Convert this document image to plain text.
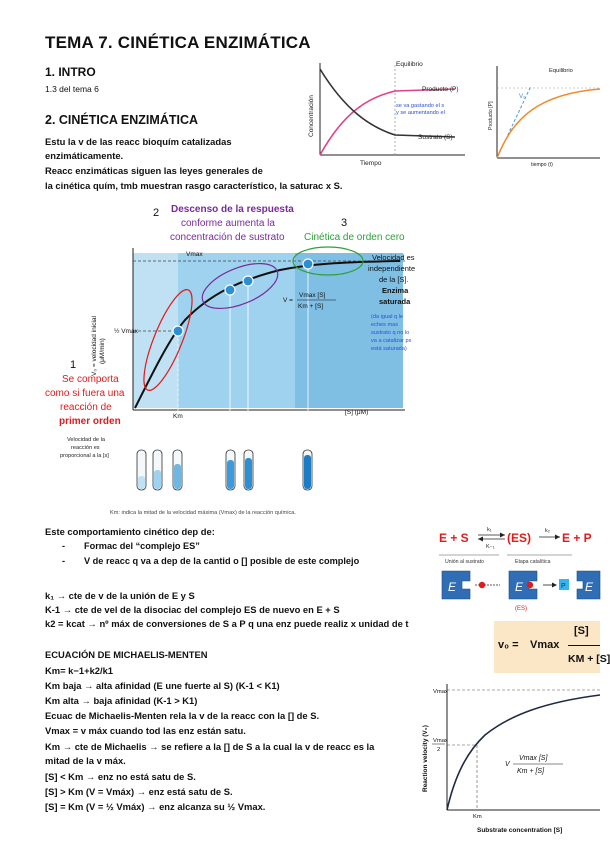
TEMA 7. CINÉTICA ENZIMÁTICA
1. INTRO
1.3 del tema 6
2. CINÉTICA ENZIMÁTICA
Estu la v de las reacc bioquím catalizadas
enzimáticamente.
Reacc enzimáticas siguen las leyes generales de
la cinética quím, tmb muestran rasgo característico, la saturac x S.
Equilibrio
Producto (P)
se va gastando el s
y se aumentando el
Sustrato (S)
Tiempo
Concentración
Equilibrio
V₀
tiempo (t)
Producto [P]
2 Descenso de la respuesta
conforme aumenta la
concentración de sustrato
3
Cinética de orden cero
Vmax
½ Vmax
V₀ = velocidad inicial (μM/min)
Km
[S] (μM)
V =
Vmax [S]
Km + [S]
Velocidad es
independiente
de la [S].
Enzima
saturada
(da igual q le
eches mas
sustrato q no lo
va a catalizar px
está saturada)
1
Se comporta
como si fuera una
reacción de
primer orden
Velocidad de la
reacción es
proporcional a la [s]
Km: indica la mitad de la velocidad máxima (Vmax) de la reacción química.
Este comportamiento cinético dep de:
- Formac del “complejo ES”
- V de reacc q va a dep de la cantid o [] posible de este complejo
E + S	(ES)	E + P
k₁
K₋₁
k₂
Unión al sustrato	Etapa catalítica
E	E	E
P
(ES)
k₁ → cte de v de la unión de E y S
K-1 → cte de vel de la disociac del complejo ES de nuevo en E + S
k2 = kcat → nº máx de conversiones de S a P q una enz puede realiz x unidad de t
v₀ = Vmax
[S]
KM + [S]
ECUACIÓN DE MICHAELIS-MENTEN
Km= k−1+k2/k1
Km baja → alta afinidad (E une fuerte al S) (K-1 < K1)
Km alta → baja afinidad (K-1 > K1)
Ecuac de Michaelis-Menten rela la v de la reacc con la [] de S.
Vmax = v máx cuando tod las enz están satu.
Km → cte de Michaelis → se refiere a la [] de S a la cual la v de reacc es la
mitad de la v máx.
[S] < Km → enz no está satu de S.
[S] > Km (V = Vmáx) → enz está satu de S.
[S] = Km (V = ½ Vmáx) → enz alcanza su ½ Vmax.
Vmax
Vmax
2
Km
V
Vmax [S]
Km + [S]
Substrate concentration [S]
Reaction velocity (V₀)
